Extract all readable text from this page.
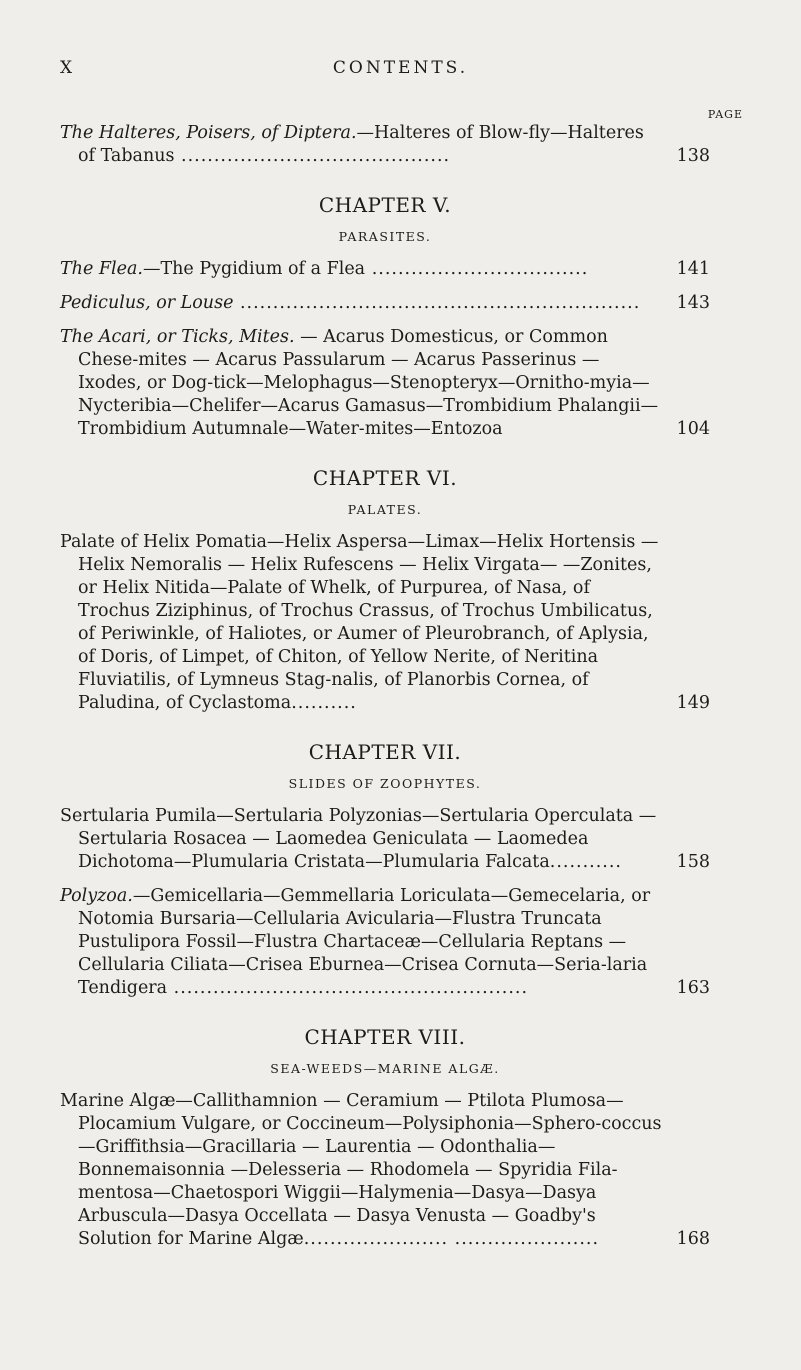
X	CONTENTS.
PAGE

The Halteres, Poisers, of Diptera.—Halteres of Blow-fly—Halteres of Tabanus .........................................	138

CHAPTER V.
PARASITES.

The Flea.—The Pygidium of a Flea .................................	141

Pediculus, or Louse ............................................................. 143

The Acari, or Ticks, Mites. — Acarus Domesticus, or Common Chese-mites — Acarus Passularum — Acarus Passerinus — Ixodes, or Dog-tick—Melophagus—Stenopteryx—Ornitho-myia—Nycteribia—Chelifer—Acarus Gamasus—Trombidium Phalangii—Trombidium Autumnale—Water-mites—Entozoa	104

CHAPTER VI.
PALATES.

Palate of Helix Pomatia—Helix Aspersa—Limax—Helix Hortensis —Helix Nemoralis — Helix Rufescens — Helix Virgata— —Zonites, or Helix Nitida—Palate of Whelk, of Purpurea, of Nasa, of Trochus Ziziphinus, of Trochus Crassus, of Trochus Umbilicatus, of Periwinkle, of Haliotes, or Aumer of Pleurobranch, of Aplysia, of Doris, of Limpet, of Chiton, of Yellow Nerite, of Neritina Fluviatilis, of Lymneus Stag-nalis, of Planorbis Cornea, of Paludina, of Cyclastoma..........	149

CHAPTER VII.
SLIDES OF ZOOPHYTES.

Sertularia Pumila—Sertularia Polyzonias—Sertularia Operculata — Sertularia Rosacea — Laomedea Geniculata — Laomedea Dichotoma—Plumularia Cristata—Plumularia Falcata...........	158

Polyzoa.—Gemicellaria—Gemmellaria Loriculata—Gemecelaria, or Notomia Bursaria—Cellularia Avicularia—Flustra Truncata Pustulipora Fossil—Flustra Chartaceæ—Cellularia Reptans —Cellularia Ciliata—Crisea Eburnea—Crisea Cornuta—Seria-laria Tendigera ......................................................	163

CHAPTER VIII.
SEA-WEEDS—MARINE ALGÆ.

Marine Algæ—Callithamnion — Ceramium — Ptilota Plumosa— Plocamium Vulgare, or Coccineum—Polysiphonia—Sphero-coccus—Griffithsia—Gracillaria — Laurentia — Odonthalia— Bonnemaisonnia —Delesseria — Rhodomela — Spyridia Fila-mentosa—Chaetospori Wiggii—Halymenia—Dasya—Dasya Arbuscula—Dasya Occellata — Dasya Venusta — Goadby's Solution for Marine Algæ...................... ......................	168
